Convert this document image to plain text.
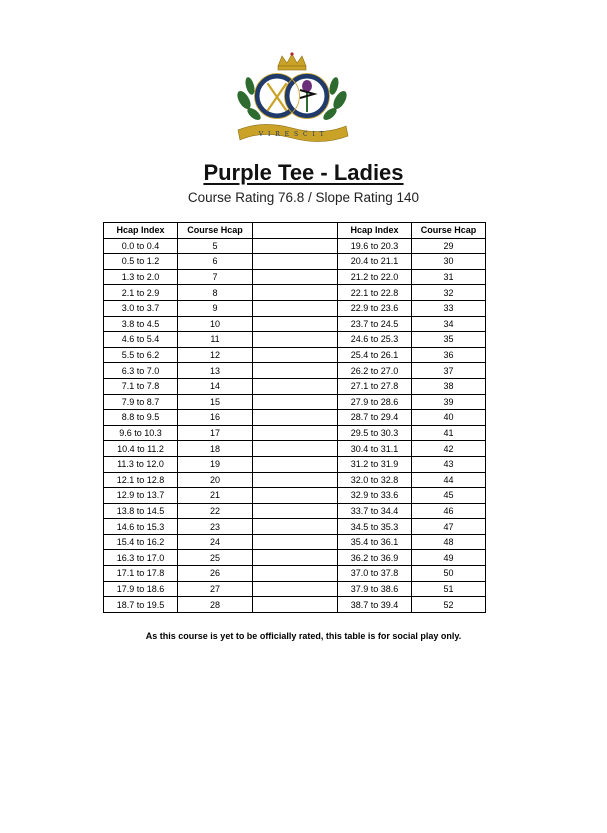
V I R E S C I T
Purple Tee - Ladies
Course Rating 76.8 / Slope Rating 140
Hcap Index	Course Hcap		Hcap Index	Course Hcap
0.0 to 0.4	5		19.6 to 20.3	29
0.5 to 1.2	6		20.4 to 21.1	30
1.3 to 2.0	7		21.2 to 22.0	31
2.1 to 2.9	8		22.1 to 22.8	32
3.0 to 3.7	9		22.9 to 23.6	33
3.8 to 4.5	10		23.7 to 24.5	34
4.6 to 5.4	11		24.6 to 25.3	35
5.5 to 6.2	12		25.4 to 26.1	36
6.3 to 7.0	13		26.2 to 27.0	37
7.1 to 7.8	14		27.1 to 27.8	38
7.9 to 8.7	15		27.9 to 28.6	39
8.8 to 9.5	16		28.7 to 29.4	40
9.6 to 10.3	17		29.5 to 30.3	41
10.4 to 11.2	18		30.4 to 31.1	42
11.3 to 12.0	19		31.2 to 31.9	43
12.1 to 12.8	20		32.0 to 32.8	44
12.9 to 13.7	21		32.9 to 33.6	45
13.8 to 14.5	22		33.7 to 34.4	46
14.6 to 15.3	23		34.5 to 35.3	47
15.4 to 16.2	24		35.4 to 36.1	48
16.3 to 17.0	25		36.2 to 36.9	49
17.1 to 17.8	26		37.0 to 37.8	50
17.9 to 18.6	27		37.9 to 38.6	51
18.7 to 19.5	28		38.7 to 39.4	52
As this course is yet to be officially rated, this table is for social play only.
